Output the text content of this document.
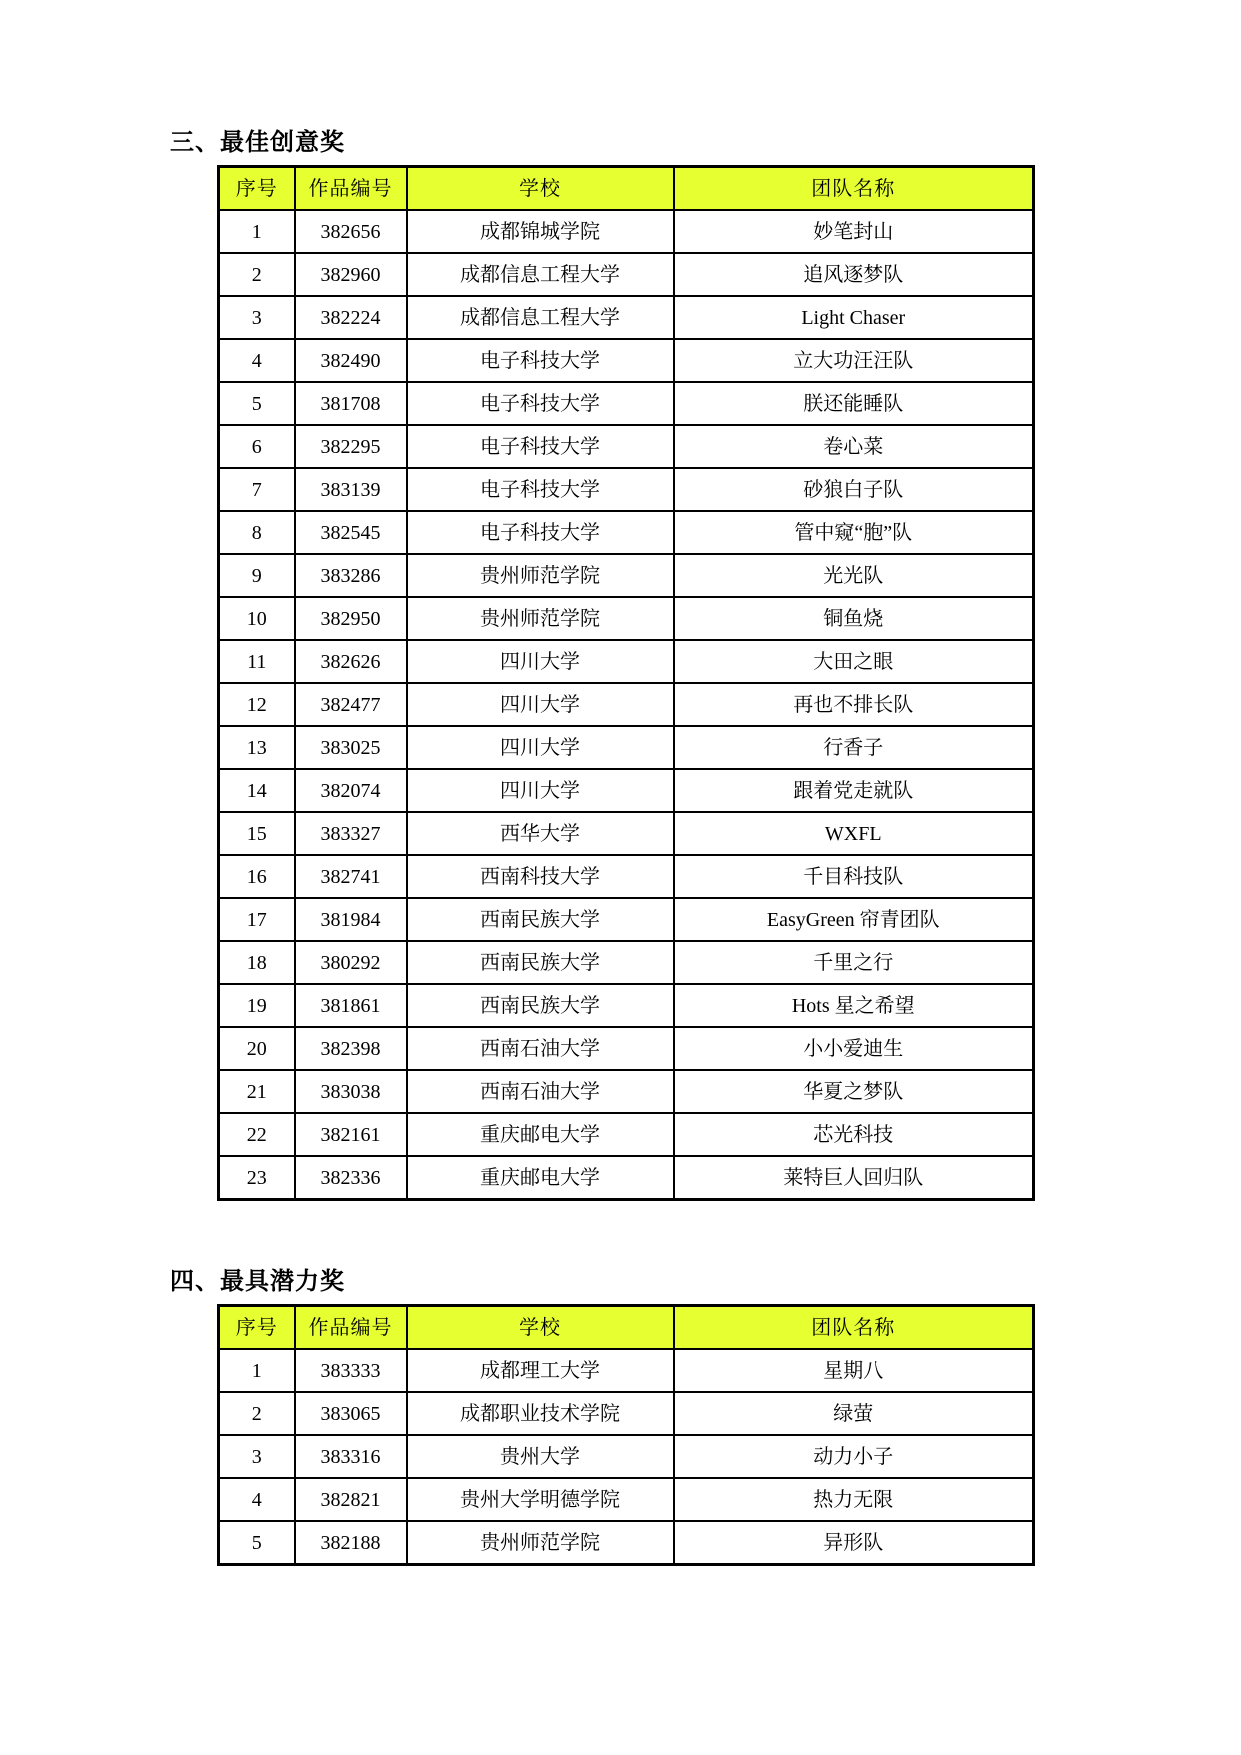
三、最佳创意奖
序号	作品编号	学校	团队名称
1	382656	成都锦城学院	妙笔封山
2	382960	成都信息工程大学	追风逐梦队
3	382224	成都信息工程大学	Light Chaser
4	382490	电子科技大学	立大功汪汪队
5	381708	电子科技大学	朕还能睡队
6	382295	电子科技大学	卷心菜
7	383139	电子科技大学	砂狼白子队
8	382545	电子科技大学	管中窥“胞”队
9	383286	贵州师范学院	光光队
10	382950	贵州师范学院	铜鱼烧
11	382626	四川大学	大田之眼
12	382477	四川大学	再也不排长队
13	383025	四川大学	行香子
14	382074	四川大学	跟着党走就队
15	383327	西华大学	WXFL
16	382741	西南科技大学	千目科技队
17	381984	西南民族大学	EasyGreen 帘青团队
18	380292	西南民族大学	千里之行
19	381861	西南民族大学	Hots 星之希望
20	382398	西南石油大学	小小爱迪生
21	383038	西南石油大学	华夏之梦队
22	382161	重庆邮电大学	芯光科技
23	382336	重庆邮电大学	莱特巨人回归队
四、最具潜力奖
序号	作品编号	学校	团队名称
1	383333	成都理工大学	星期八
2	383065	成都职业技术学院	绿萤
3	383316	贵州大学	动力小子
4	382821	贵州大学明德学院	热力无限
5	382188	贵州师范学院	异形队
